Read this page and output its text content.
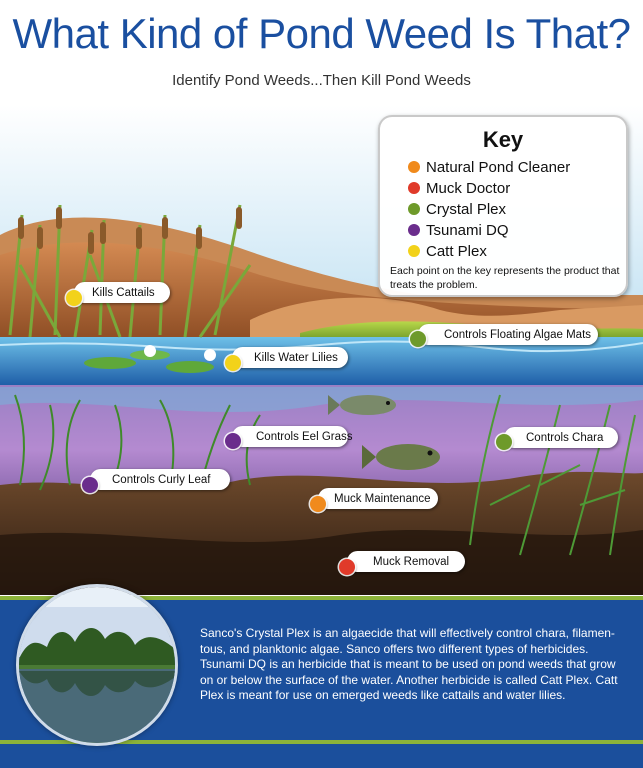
What Kind of Pond Weed Is That?
Identify Pond Weeds...Then Kill Pond Weeds
Key
Natural Pond Cleaner
Muck Doctor
Crystal Plex
Tsunami DQ
Catt Plex
Each point on the key represents the product that treats the problem.
Kills Cattails
Controls Floating Algae Mats
Kills Water Lilies
Controls Eel Grass	Controls Chara
Controls Curly Leaf
Muck Maintenance
Muck Removal
Sanco's Crystal Plex is an algaecide that will effectively control chara, filamen-tous, and planktonic algae. Sanco offers two different types of herbicides. Tsunami DQ is an herbicide that is meant to be used on pond weeds that grow on or below the surface of the water. Another herbicide is called Catt Plex. Catt Plex is meant for use on emerged weeds like cattails and water lilies.
